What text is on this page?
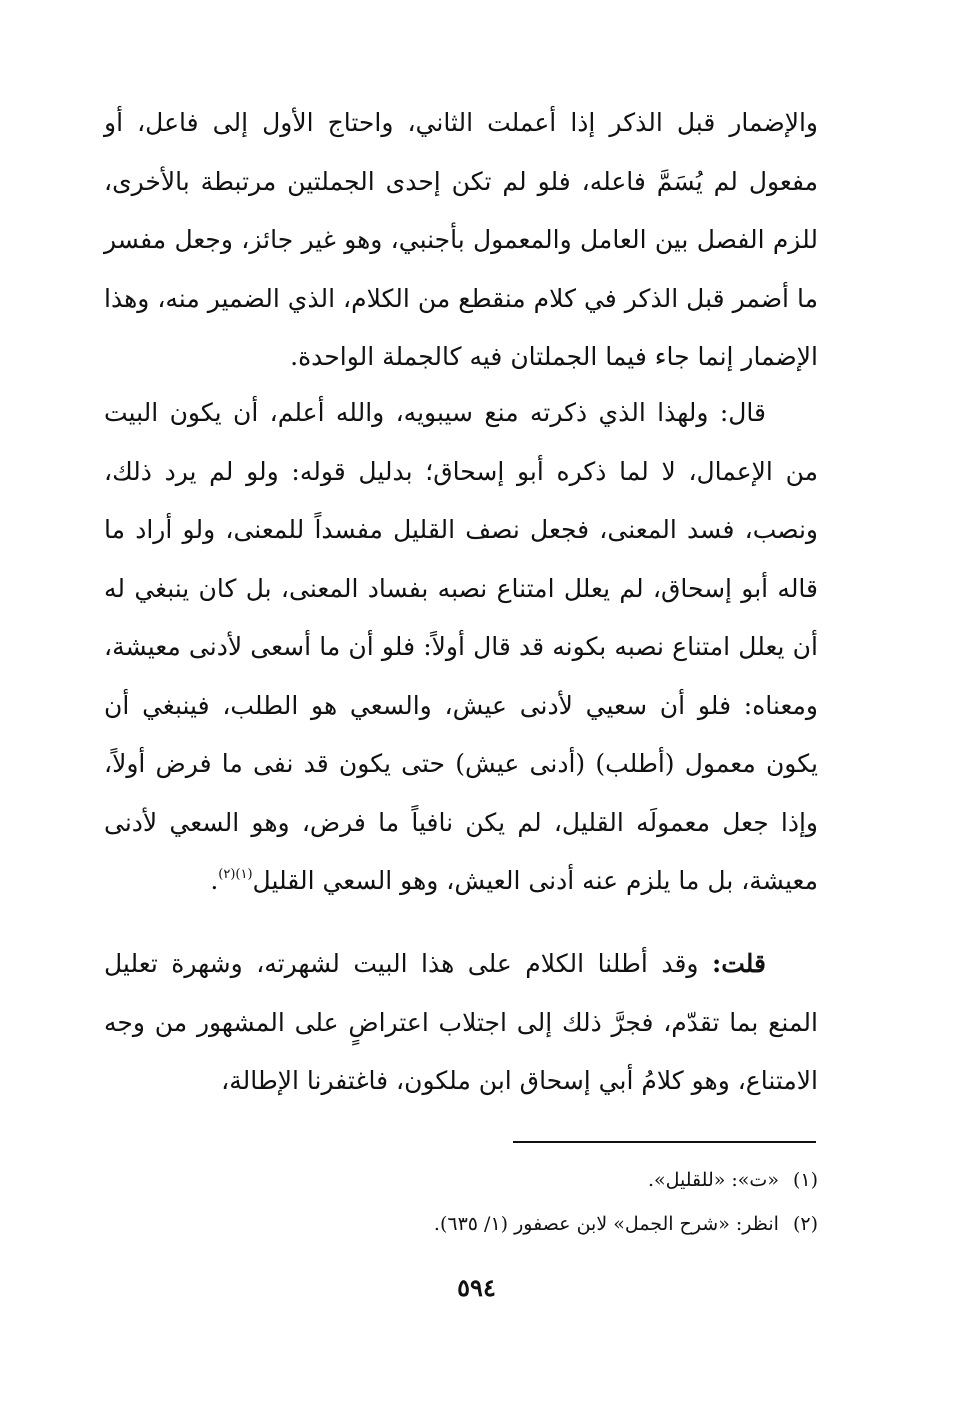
والإضمار قبل الذكر إذا أعملت الثاني، واحتاج الأول إلى فاعل، أو مفعول لم يُسَمَّ فاعله، فلو لم تكن إحدى الجملتين مرتبطة بالأخرى، للزم الفصل بين العامل والمعمول بأجنبي، وهو غير جائز، وجعل مفسر ما أضمر قبل الذكر في كلام منقطع من الكلام، الذي الضمير منه، وهذا الإضمار إنما جاء فيما الجملتان فيه كالجملة الواحدة.

قال: ولهذا الذي ذكرته منع سيبويه، والله أعلم، أن يكون البيت من الإعمال، لا لما ذكره أبو إسحاق؛ بدليل قوله: ولو لم يرد ذلك، ونصب، فسد المعنى، فجعل نصف القليل مفسداً للمعنى، ولو أراد ما قاله أبو إسحاق، لم يعلل امتناع نصبه بفساد المعنى، بل كان ينبغي له أن يعلل امتناع نصبه بكونه قد قال أولاً: فلو أن ما أسعى لأدنى معيشة، ومعناه: فلو أن سعيي لأدنى عيش، والسعي هو الطلب، فينبغي أن يكون معمول (أطلب) (أدنى عيش) حتى يكون قد نفى ما فرض أولاً، وإذا جعل معمولَه القليل، لم يكن نافياً ما فرض، وهو السعي لأدنى معيشة، بل ما يلزم عنه أدنى العيش، وهو السعي القليل$^{(١)(٢)}$.

قلت: وقد أطلنا الكلام على هذا البيت لشهرته، وشهرة تعليل المنع بما تقدّم، فجرَّ ذلك إلى اجتلاب اعتراضٍ على المشهور من وجه الامتناع، وهو كلامُ أبي إسحاق ابن ملكون، فاغتفرنا الإطالة،

(١)«ت»: «للقليل».

(٢)انظر: «شرح الجمل» لابن عصفور (١/ ٦٣٥).

٥٩٤
